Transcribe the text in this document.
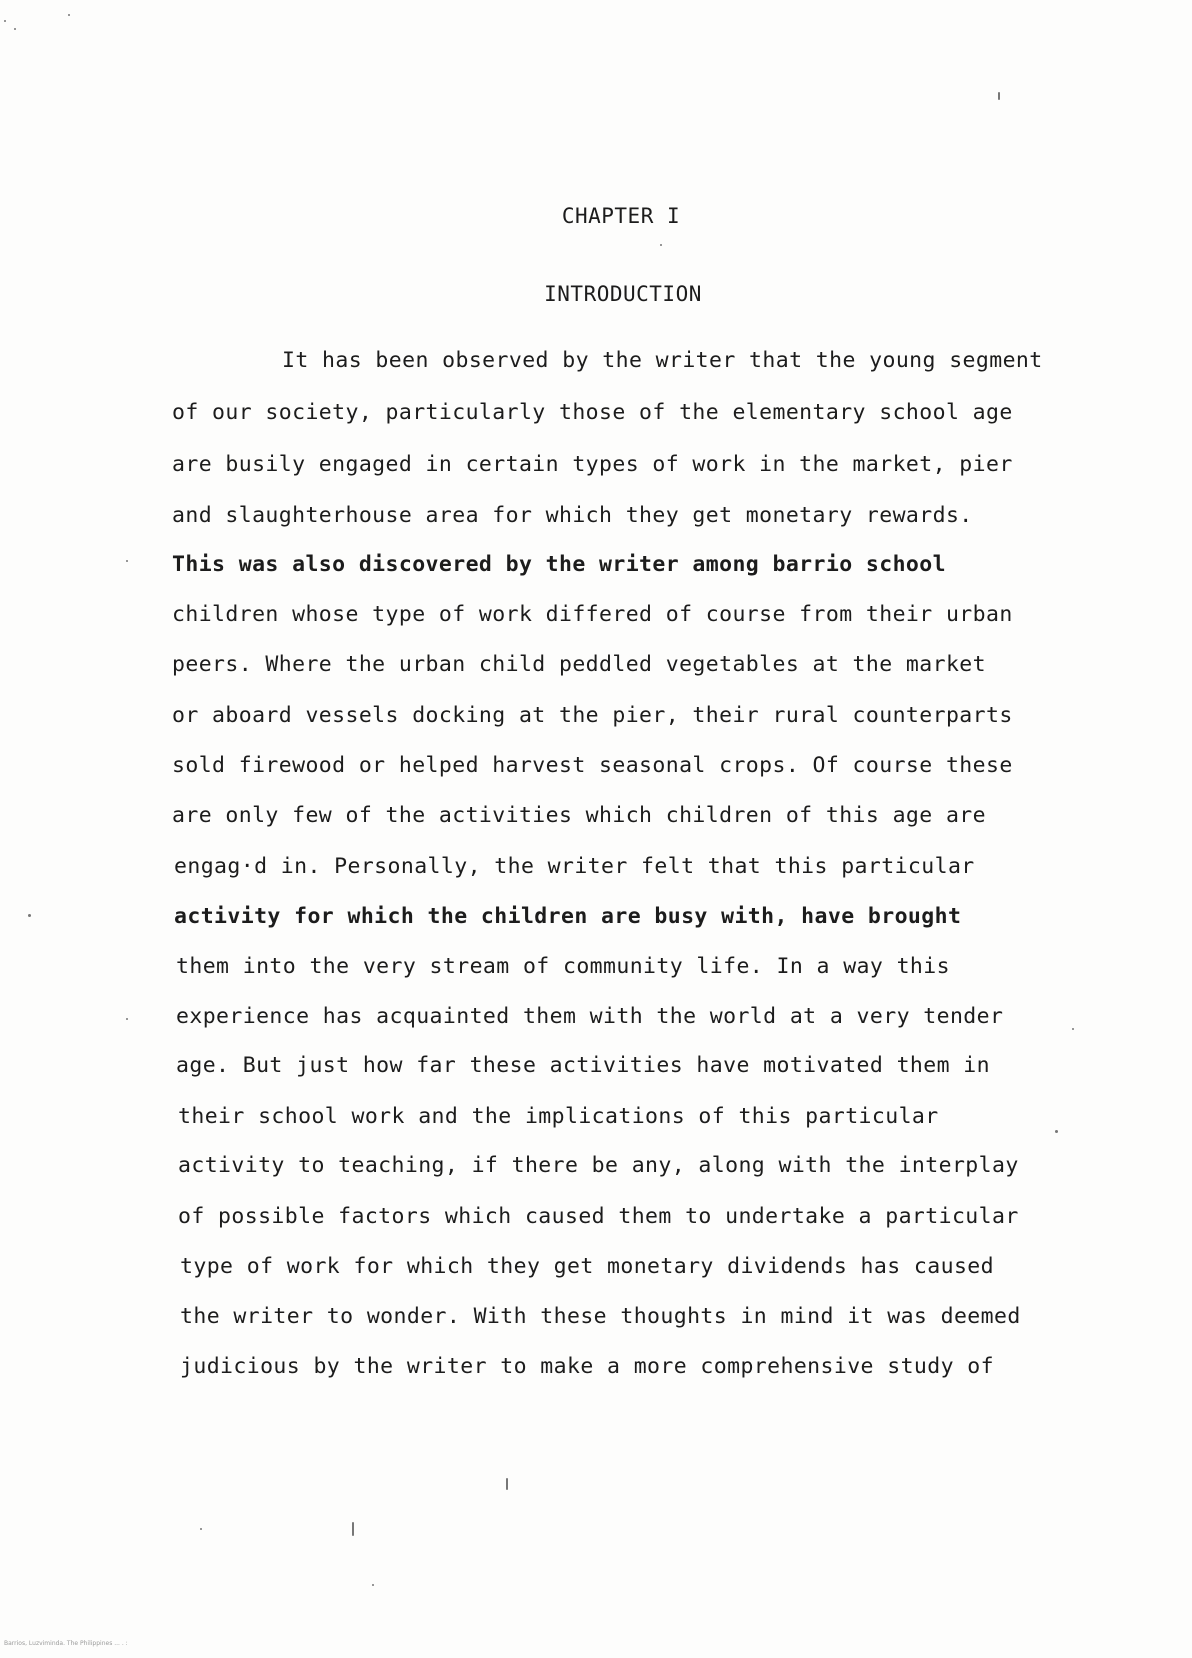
CHAPTER I
INTRODUCTION
It has been observed by the writer that the young segment
of our society, particularly those of the elementary school age
are busily engaged in certain types of work in the market, pier
and slaughterhouse area for which they get monetary rewards.
This was also discovered by the writer among barrio school
children whose type of work differed of course from their urban
peers. Where the urban child peddled vegetables at the market
or aboard vessels docking at the pier, their rural counterparts
sold firewood or helped harvest seasonal crops. Of course these
are only few of the activities which children of this age are
engag·d in. Personally, the writer felt that this particular
activity for which the children are busy with, have brought
them into the very stream of community life. In a way this
experience has acquainted them with the world at a very tender
age. But just how far these activities have motivated them in
their school work and the implications of this particular
activity to teaching, if there be any, along with the interplay
of possible factors which caused them to undertake a particular
type of work for which they get monetary dividends has caused
the writer to wonder. With these thoughts in mind it was deemed
judicious by the writer to make a more comprehensive study of
Barrios, Luzviminda. The Philippines ... . :
